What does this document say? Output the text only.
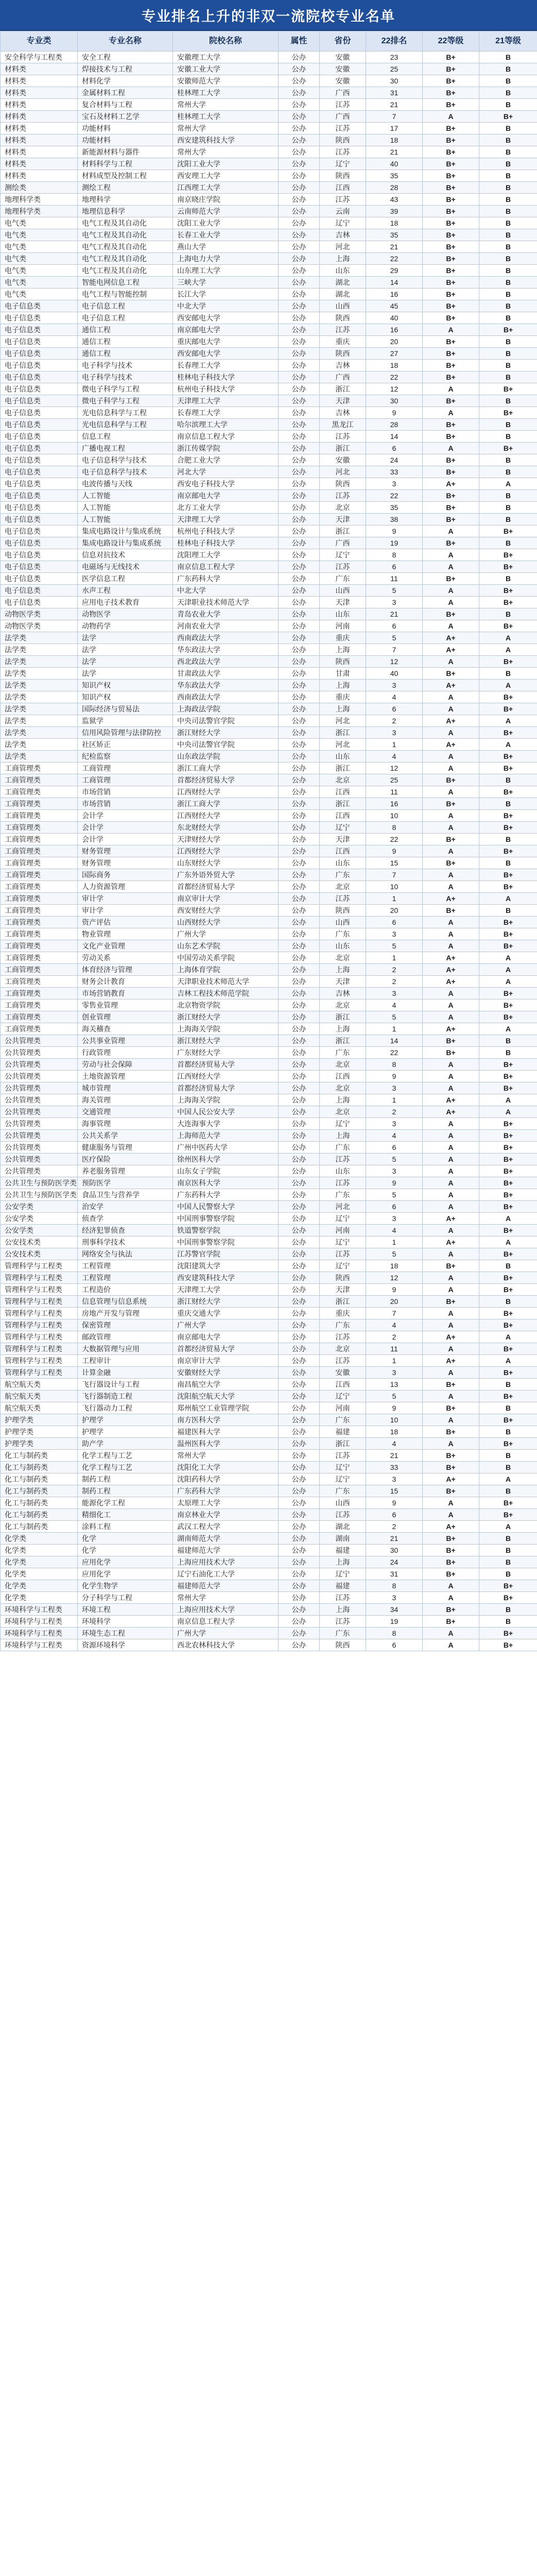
专业排名上升的非双一流院校专业名单
专业类	专业名称	院校名称	属性	省份	22排名	22等级	21等级
安全科学与工程类	安全工程	安徽理工大学	公办	安徽	23	B+	B
材料类	焊接技术与工程	安徽工业大学	公办	安徽	25	B+	B
材料类	材料化学	安徽师范大学	公办	安徽	30	B+	B
材料类	金属材料工程	桂林理工大学	公办	广西	31	B+	B
材料类	复合材料与工程	常州大学	公办	江苏	21	B+	B
材料类	宝石及材料工艺学	桂林理工大学	公办	广西	7	A	B+
材料类	功能材料	常州大学	公办	江苏	17	B+	B
材料类	功能材料	西安建筑科技大学	公办	陕西	18	B+	B
材料类	新能源材料与器件	常州大学	公办	江苏	21	B+	B
材料类	材料科学与工程	沈阳工业大学	公办	辽宁	40	B+	B
材料类	材料成型及控制工程	西安理工大学	公办	陕西	35	B+	B
测绘类	测绘工程	江西理工大学	公办	江西	28	B+	B
地理科学类	地理科学	南京晓庄学院	公办	江苏	43	B+	B
地理科学类	地理信息科学	云南师范大学	公办	云南	39	B+	B
电气类	电气工程及其自动化	沈阳工业大学	公办	辽宁	18	B+	B
电气类	电气工程及其自动化	长春工业大学	公办	吉林	35	B+	B
电气类	电气工程及其自动化	燕山大学	公办	河北	21	B+	B
电气类	电气工程及其自动化	上海电力大学	公办	上海	22	B+	B
电气类	电气工程及其自动化	山东理工大学	公办	山东	29	B+	B
电气类	智能电网信息工程	三峡大学	公办	湖北	14	B+	B
电气类	电气工程与智能控制	长江大学	公办	湖北	16	B+	B
电子信息类	电子信息工程	中北大学	公办	山西	45	B+	B
电子信息类	电子信息工程	西安邮电大学	公办	陕西	40	B+	B
电子信息类	通信工程	南京邮电大学	公办	江苏	16	A	B+
电子信息类	通信工程	重庆邮电大学	公办	重庆	20	B+	B
电子信息类	通信工程	西安邮电大学	公办	陕西	27	B+	B
电子信息类	电子科学与技术	长春理工大学	公办	吉林	18	B+	B
电子信息类	电子科学与技术	桂林电子科技大学	公办	广西	22	B+	B
电子信息类	微电子科学与工程	杭州电子科技大学	公办	浙江	12	A	B+
电子信息类	微电子科学与工程	天津理工大学	公办	天津	30	B+	B
电子信息类	光电信息科学与工程	长春理工大学	公办	吉林	9	A	B+
电子信息类	光电信息科学与工程	哈尔滨理工大学	公办	黑龙江	28	B+	B
电子信息类	信息工程	南京信息工程大学	公办	江苏	14	B+	B
电子信息类	广播电视工程	浙江传媒学院	公办	浙江	6	A	B+
电子信息类	电子信息科学与技术	合肥工业大学	公办	安徽	24	B+	B
电子信息类	电子信息科学与技术	河北大学	公办	河北	33	B+	B
电子信息类	电波传播与天线	西安电子科技大学	公办	陕西	3	A+	A
电子信息类	人工智能	南京邮电大学	公办	江苏	22	B+	B
电子信息类	人工智能	北方工业大学	公办	北京	35	B+	B
电子信息类	人工智能	天津理工大学	公办	天津	38	B+	B
电子信息类	集成电路设计与集成系统	杭州电子科技大学	公办	浙江	9	A	B+
电子信息类	集成电路设计与集成系统	桂林电子科技大学	公办	广西	19	B+	B
电子信息类	信息对抗技术	沈阳理工大学	公办	辽宁	8	A	B+
电子信息类	电磁场与无线技术	南京信息工程大学	公办	江苏	6	A	B+
电子信息类	医学信息工程	广东药科大学	公办	广东	11	B+	B
电子信息类	水声工程	中北大学	公办	山西	5	A	B+
电子信息类	应用电子技术教育	天津职业技术师范大学	公办	天津	3	A	B+
动物医学类	动物医学	青岛农业大学	公办	山东	21	B+	B
动物医学类	动物药学	河南农业大学	公办	河南	6	A	B+
法学类	法学	西南政法大学	公办	重庆	5	A+	A
法学类	法学	华东政法大学	公办	上海	7	A+	A
法学类	法学	西北政法大学	公办	陕西	12	A	B+
法学类	法学	甘肃政法大学	公办	甘肃	40	B+	B
法学类	知识产权	华东政法大学	公办	上海	3	A+	A
法学类	知识产权	西南政法大学	公办	重庆	4	A	B+
法学类	国际经济与贸易法	上海政法学院	公办	上海	6	A	B+
法学类	监狱学	中央司法警官学院	公办	河北	2	A+	A
法学类	信用风险管理与法律防控	浙江财经大学	公办	浙江	3	A	B+
法学类	社区矫正	中央司法警官学院	公办	河北	1	A+	A
法学类	纪检监察	山东政法学院	公办	山东	4	A	B+
工商管理类	工商管理	浙江工商大学	公办	浙江	12	A	B+
工商管理类	工商管理	首都经济贸易大学	公办	北京	25	B+	B
工商管理类	市场营销	江西财经大学	公办	江西	11	A	B+
工商管理类	市场营销	浙江工商大学	公办	浙江	16	B+	B
工商管理类	会计学	江西财经大学	公办	江西	10	A	B+
工商管理类	会计学	东北财经大学	公办	辽宁	8	A	B+
工商管理类	会计学	天津财经大学	公办	天津	22	B+	B
工商管理类	财务管理	江西财经大学	公办	江西	9	A	B+
工商管理类	财务管理	山东财经大学	公办	山东	15	B+	B
工商管理类	国际商务	广东外语外贸大学	公办	广东	7	A	B+
工商管理类	人力资源管理	首都经济贸易大学	公办	北京	10	A	B+
工商管理类	审计学	南京审计大学	公办	江苏	1	A+	A
工商管理类	审计学	西安财经大学	公办	陕西	20	B+	B
工商管理类	资产评估	山西财经大学	公办	山西	6	A	B+
工商管理类	物业管理	广州大学	公办	广东	3	A	B+
工商管理类	文化产业管理	山东艺术学院	公办	山东	5	A	B+
工商管理类	劳动关系	中国劳动关系学院	公办	北京	1	A+	A
工商管理类	体育经济与管理	上海体育学院	公办	上海	2	A+	A
工商管理类	财务会计教育	天津职业技术师范大学	公办	天津	2	A+	A
工商管理类	市场营销教育	吉林工程技术师范学院	公办	吉林	3	A	B+
工商管理类	零售业管理	北京物资学院	公办	北京	4	A	B+
工商管理类	创业管理	浙江财经大学	公办	浙江	5	A	B+
工商管理类	海关稽查	上海海关学院	公办	上海	1	A+	A
公共管理类	公共事业管理	浙江财经大学	公办	浙江	14	B+	B
公共管理类	行政管理	广东财经大学	公办	广东	22	B+	B
公共管理类	劳动与社会保障	首都经济贸易大学	公办	北京	8	A	B+
公共管理类	土地资源管理	江西财经大学	公办	江西	9	A	B+
公共管理类	城市管理	首都经济贸易大学	公办	北京	3	A	B+
公共管理类	海关管理	上海海关学院	公办	上海	1	A+	A
公共管理类	交通管理	中国人民公安大学	公办	北京	2	A+	A
公共管理类	海事管理	大连海事大学	公办	辽宁	3	A	B+
公共管理类	公共关系学	上海师范大学	公办	上海	4	A	B+
公共管理类	健康服务与管理	广州中医药大学	公办	广东	6	A	B+
公共管理类	医疗保险	徐州医科大学	公办	江苏	5	A	B+
公共管理类	养老服务管理	山东女子学院	公办	山东	3	A	B+
公共卫生与预防医学类	预防医学	南京医科大学	公办	江苏	9	A	B+
公共卫生与预防医学类	食品卫生与营养学	广东药科大学	公办	广东	5	A	B+
公安学类	治安学	中国人民警察大学	公办	河北	6	A	B+
公安学类	侦查学	中国刑事警察学院	公办	辽宁	3	A+	A
公安学类	经济犯罪侦查	铁道警察学院	公办	河南	4	A	B+
公安技术类	刑事科学技术	中国刑事警察学院	公办	辽宁	1	A+	A
公安技术类	网络安全与执法	江苏警官学院	公办	江苏	5	A	B+
管理科学与工程类	工程管理	沈阳建筑大学	公办	辽宁	18	B+	B
管理科学与工程类	工程管理	西安建筑科技大学	公办	陕西	12	A	B+
管理科学与工程类	工程造价	天津理工大学	公办	天津	9	A	B+
管理科学与工程类	信息管理与信息系统	浙江财经大学	公办	浙江	20	B+	B
管理科学与工程类	房地产开发与管理	重庆交通大学	公办	重庆	7	A	B+
管理科学与工程类	保密管理	广州大学	公办	广东	4	A	B+
管理科学与工程类	邮政管理	南京邮电大学	公办	江苏	2	A+	A
管理科学与工程类	大数据管理与应用	首都经济贸易大学	公办	北京	11	A	B+
管理科学与工程类	工程审计	南京审计大学	公办	江苏	1	A+	A
管理科学与工程类	计算金融	安徽财经大学	公办	安徽	3	A	B+
航空航天类	飞行器设计与工程	南昌航空大学	公办	江西	13	B+	B
航空航天类	飞行器制造工程	沈阳航空航天大学	公办	辽宁	5	A	B+
航空航天类	飞行器动力工程	郑州航空工业管理学院	公办	河南	9	B+	B
护理学类	护理学	南方医科大学	公办	广东	10	A	B+
护理学类	护理学	福建医科大学	公办	福建	18	B+	B
护理学类	助产学	温州医科大学	公办	浙江	4	A	B+
化工与制药类	化学工程与工艺	常州大学	公办	江苏	21	B+	B
化工与制药类	化学工程与工艺	沈阳化工大学	公办	辽宁	33	B+	B
化工与制药类	制药工程	沈阳药科大学	公办	辽宁	3	A+	A
化工与制药类	制药工程	广东药科大学	公办	广东	15	B+	B
化工与制药类	能源化学工程	太原理工大学	公办	山西	9	A	B+
化工与制药类	精细化工	南京林业大学	公办	江苏	6	A	B+
化工与制药类	涂料工程	武汉工程大学	公办	湖北	2	A+	A
化学类	化学	湖南师范大学	公办	湖南	21	B+	B
化学类	化学	福建师范大学	公办	福建	30	B+	B
化学类	应用化学	上海应用技术大学	公办	上海	24	B+	B
化学类	应用化学	辽宁石油化工大学	公办	辽宁	31	B+	B
化学类	化学生物学	福建师范大学	公办	福建	8	A	B+
化学类	分子科学与工程	常州大学	公办	江苏	3	A	B+
环境科学与工程类	环境工程	上海应用技术大学	公办	上海	34	B+	B
环境科学与工程类	环境科学	南京信息工程大学	公办	江苏	19	B+	B
环境科学与工程类	环境生态工程	广州大学	公办	广东	8	A	B+
环境科学与工程类	资源环境科学	西北农林科技大学	公办	陕西	6	A	B+
